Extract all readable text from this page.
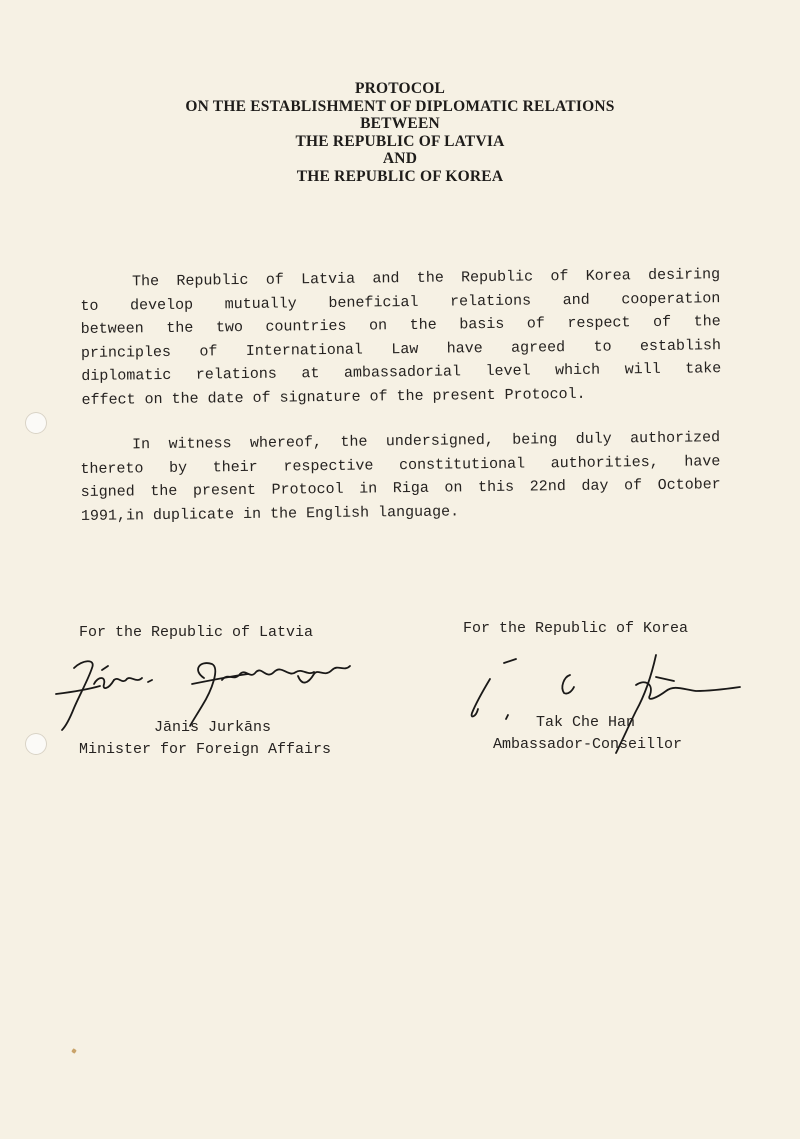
PROTOCOL
ON THE ESTABLISHMENT OF DIPLOMATIC RELATIONS
BETWEEN
THE REPUBLIC OF LATVIA
AND
THE REPUBLIC OF KOREA
The Republic of Latvia and the Republic of Korea desiring
to develop mutually beneficial relations and cooperation
between the two countries on the basis of respect of the
principles of International Law have agreed to establish
diplomatic relations at ambassadorial level which will take
effect on the date of signature of the present Protocol.
In witness whereof, the undersigned, being duly authorized
thereto by their respective constitutional authorities, have
signed the present Protocol in Riga on this 22nd day of October
1991,in duplicate in the English language.
For the Republic of Latvia
Jānis Jurkāns
Minister for Foreign Affairs
For the Republic of Korea
Tak Che Han
Ambassador-Conseillor
